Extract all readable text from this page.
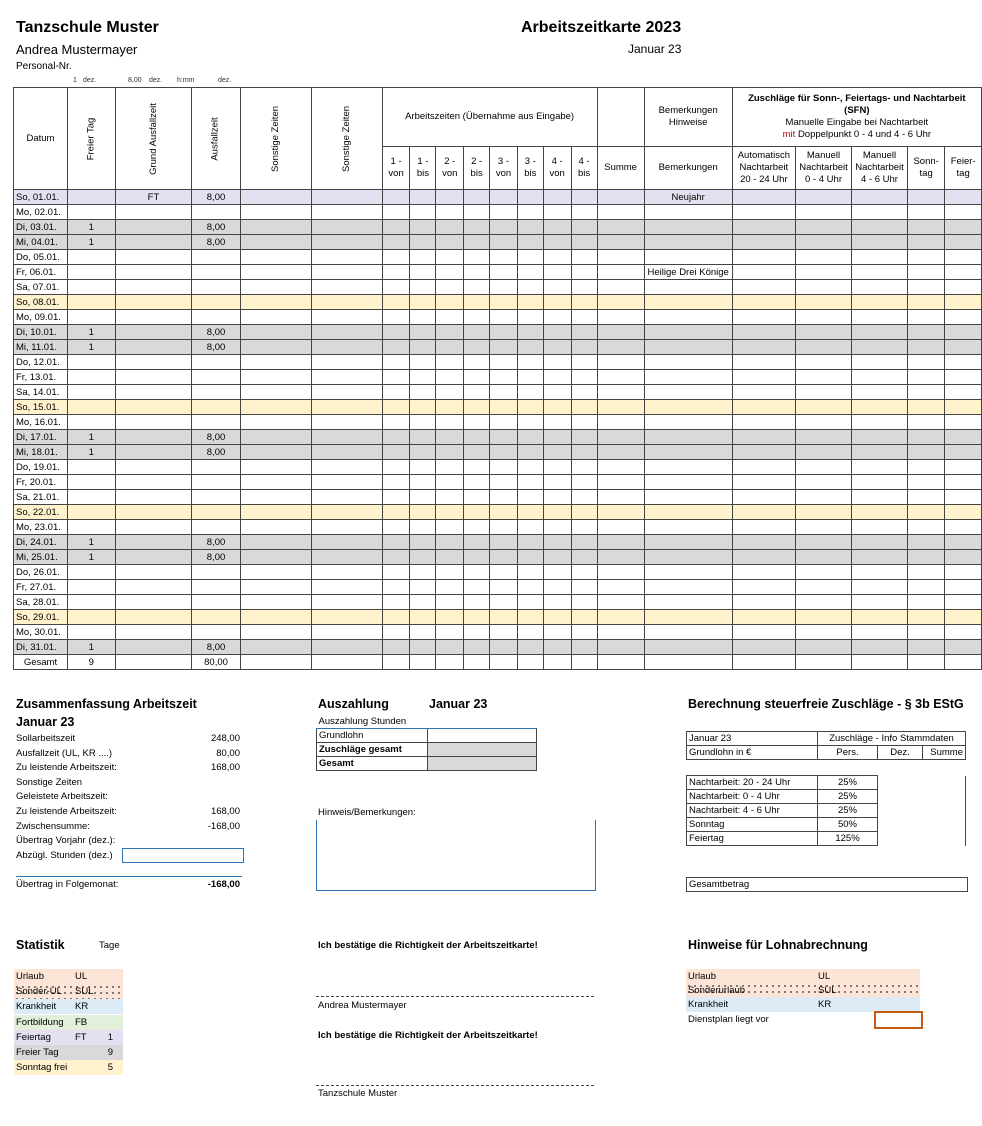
Tanzschule Muster
Andrea Mustermayer
Personal-Nr.
Arbeitszeitkarte 2023
Januar 23
1 dez.	8,00 dez. h:mm	dez.
Datum	Freier Tag	Grund Ausfallzeit	Ausfallzeit	Sonstige Zeiten	Sonstige Zeiten	Arbeitszeiten (Übernahme aus Eingabe)									Bemerkungen Hinweise	Zuschläge für Sonn-, Feiertags- und Nachtarbeit (SFN)
Manuelle Eingabe bei Nachtarbeit
mit Doppelpunkt 0 - 4 und 4 - 6 Uhr				

						1 - von	1 - bis	2 - von	2 - bis	3 - von	3 - bis	4 - von	4 - bis	Summe	Bemerkungen	Automatisch Nachtarbeit 20 - 24 Uhr	Manuell Nachtarbeit 0 - 4 Uhr	Manuell Nachtarbeit 4 - 6 Uhr	Sonn- tag	Feier- tag
So, 01.01.		FT	8,00												Neujahr					
Mo, 02.01.																				
Di, 03.01.	1		8,00																	
Mi, 04.01.	1		8,00																	
Do, 05.01.																				
Fr, 06.01.															Heilige Drei Könige					
Sa, 07.01.																				
So, 08.01.																				
Mo, 09.01.																				
Di, 10.01.	1		8,00																	
Mi, 11.01.	1		8,00																	
Do, 12.01.																				
Fr, 13.01.																				
Sa, 14.01.																				
So, 15.01.																				
Mo, 16.01.																				
Di, 17.01.	1		8,00																	
Mi, 18.01.	1		8,00																	
Do, 19.01.																				
Fr, 20.01.																				
Sa, 21.01.																				
So, 22.01.																				
Mo, 23.01.																				
Di, 24.01.	1		8,00																	
Mi, 25.01.	1		8,00																	
Do, 26.01.																				
Fr, 27.01.																				
Sa, 28.01.																				
So, 29.01.																				
Mo, 30.01.																				
Di, 31.01.	1		8,00																	
Gesamt	9		80,00																	
Zusammenfassung Arbeitszeit
Januar 23
Sollarbeitszeit	248,00
Ausfallzeit (UL, KR ....)	80,00
Zu leistende Arbeitszeit:	168,00
Sonstige Zeiten
Geleistete Arbeitszeit:
Zu leistende Arbeitszeit:	168,00
Zwischensumme:	-168,00
Übertrag Vorjahr (dez.):
Abzügl. Stunden (dez.)
Übertrag in Folgemonat:	-168,00
Auszahlung	Januar 23
Auszahlung Stunden	
Grundlohn	
Zuschläge gesamt	
Gesamt	
Hinweis/Bemerkungen:
Berechnung steuerfreie Zuschläge - § 3b EStG
Januar 23	Zuschläge - Info Stammdaten		
Grundlohn in €	Pers.	Dez.	Summe
Nachtarbeit: 20 - 24 Uhr	25%	
Nachtarbeit: 0 - 4 Uhr	25%	
Nachtarbeit: 4 - 6 Uhr	25%	
Sonntag	50%	
Feiertag	125%	
Gesamtbetrag
Statistik	Tage
Urlaub	UL
Sonder-UL SUL
Krankheit KR
Fortbildung FB
Feiertag	FT 1
Freier Tag	9
Sonntag frei	5
Ich bestätige die Richtigkeit der Arbeitszeitkarte!
Andrea Mustermayer
Ich bestätige die Richtigkeit der Arbeitszeitkarte!
Tanzschule Muster
Hinweise für Lohnabrechnung
Urlaub	UL
Sonderurlaub	SUL
Krankheit	KR
Dienstplan liegt vor
